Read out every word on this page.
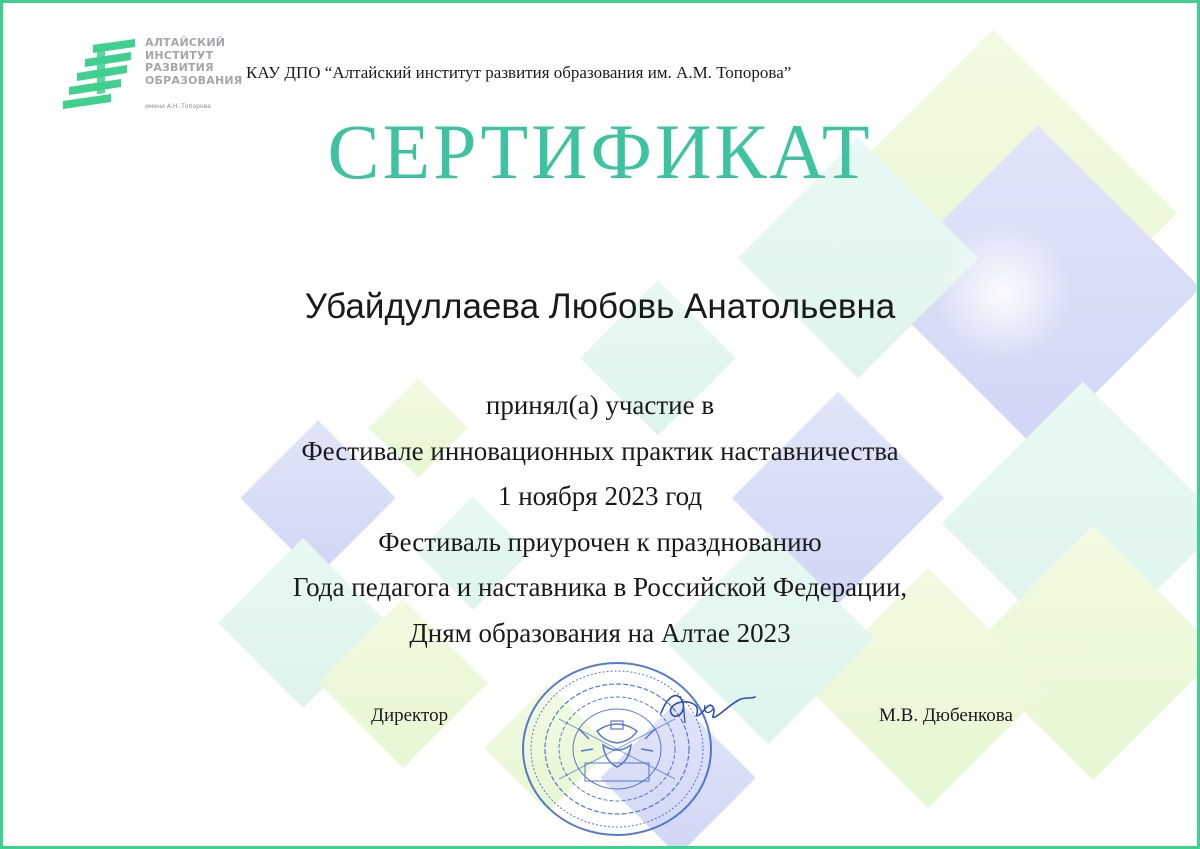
АЛТАЙСКИЙ
ИНСТИТУТ
РАЗВИТИЯ
ОБРАЗОВАНИЯ
имени А.Н. Топорова
КАУ ДПО “Алтайский институт развития образования им. А.М. Топорова”
СЕРТИФИКАТ
Убайдуллаева Любовь Анатольевна
принял(а) участие в
Фестивале инновационных практик наставничества
1 ноября 2023 год
Фестиваль приурочен к празднованию
Года педагога и наставника в Российской Федерации,
Дням образования на Алтае 2023
Директор	М.В. Дюбенкова
